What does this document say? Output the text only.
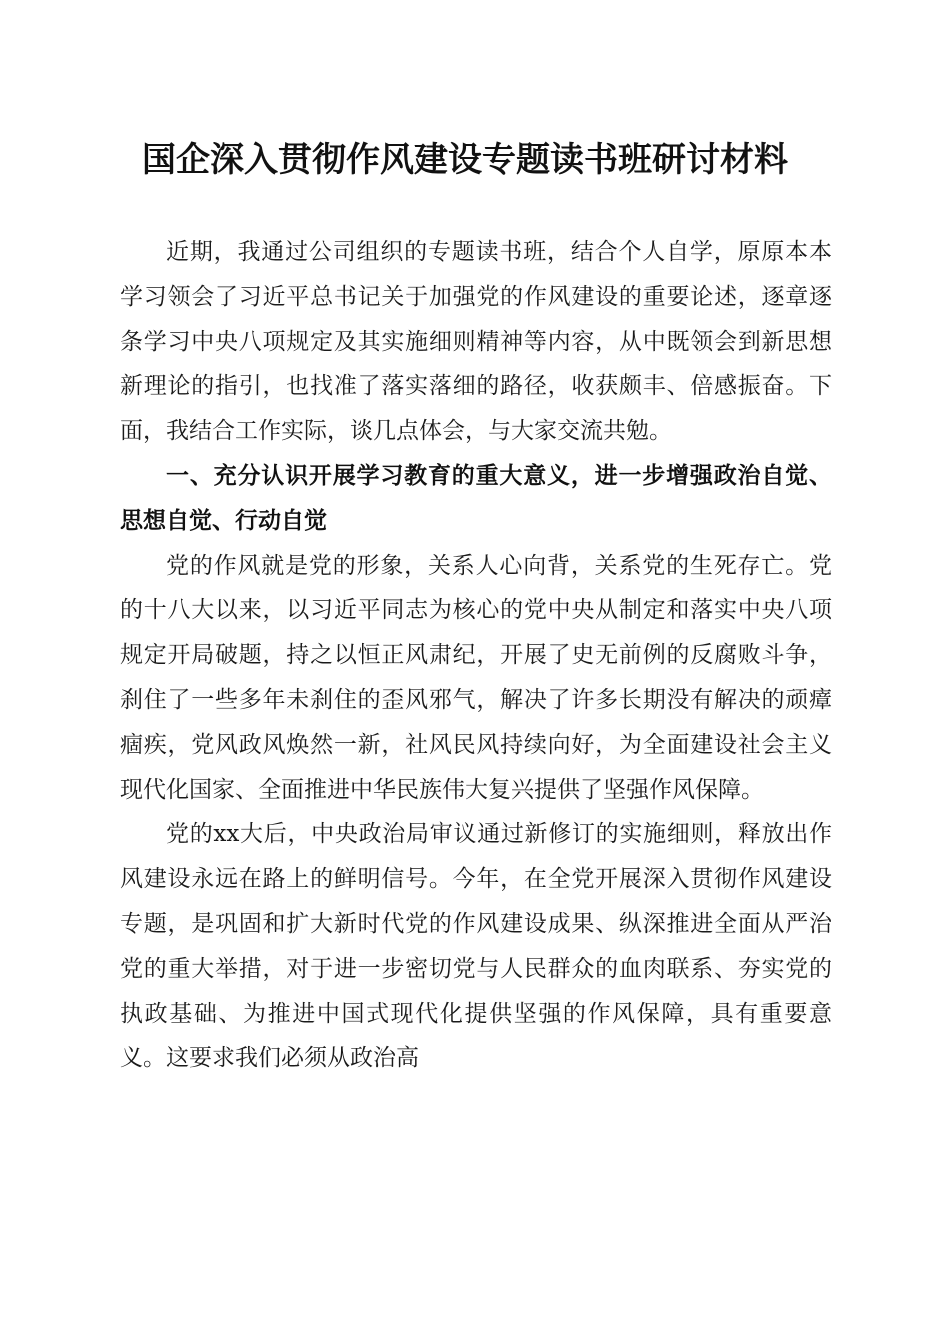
国企深入贯彻作风建设专题读书班研讨材料

近期，我通过公司组织的专题读书班，结合个人自学，原原本本学习领会了习近平总书记关于加强党的作风建设的重要论述，逐章逐条学习中央八项规定及其实施细则精神等内容，从中既领会到新思想新理论的指引，也找准了落实落细的路径，收获颇丰、倍感振奋。下面，我结合工作实际，谈几点体会，与大家交流共勉。

一、充分认识开展学习教育的重大意义，进一步增强政治自觉、思想自觉、行动自觉

党的作风就是党的形象，关系人心向背，关系党的生死存亡。党的十八大以来，以习近平同志为核心的党中央从制定和落实中央八项规定开局破题，持之以恒正风肃纪，开展了史无前例的反腐败斗争，刹住了一些多年未刹住的歪风邪气，解决了许多长期没有解决的顽瘴痼疾，党风政风焕然一新，社风民风持续向好，为全面建设社会主义现代化国家、全面推进中华民族伟大复兴提供了坚强作风保障。

党的xx大后，中央政治局审议通过新修订的实施细则，释放出作风建设永远在路上的鲜明信号。今年，在全党开展深入贯彻作风建设专题，是巩固和扩大新时代党的作风建设成果、纵深推进全面从严治党的重大举措，对于进一步密切党与人民群众的血肉联系、夯实党的执政基础、为推进中国式现代化提供坚强的作风保障，具有重要意义。这要求我们必须从政治高
